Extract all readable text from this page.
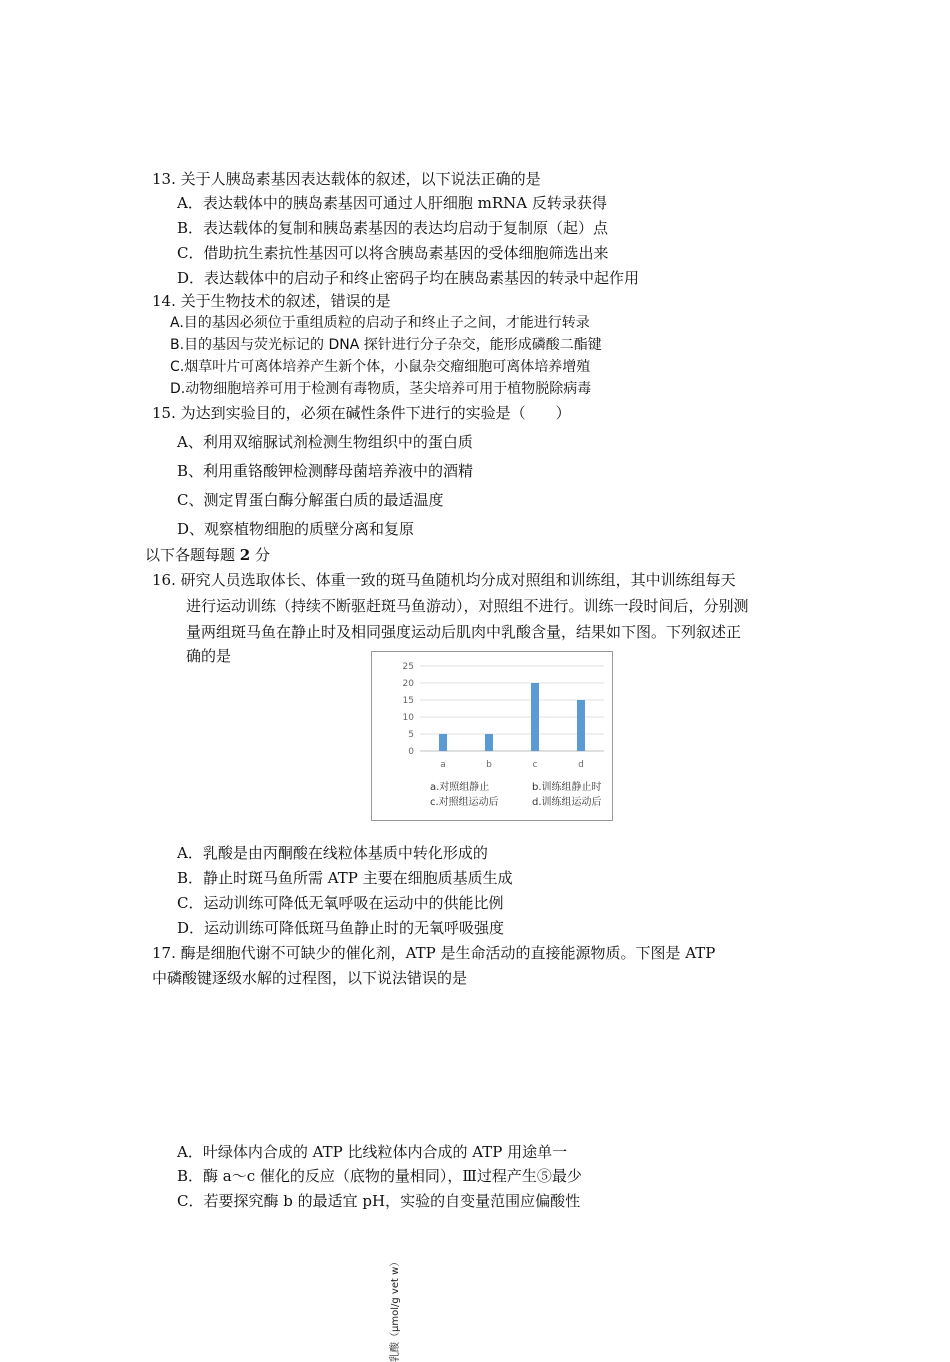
13. 关于人胰岛素基因表达载体的叙述，以下说法正确的是
A．表达载体中的胰岛素基因可通过人肝细胞 mRNA 反转录获得
B．表达载体的复制和胰岛素基因的表达均启动于复制原（起）点
C．借助抗生素抗性基因可以将含胰岛素基因的受体细胞筛选出来
D．表达载体中的启动子和终止密码子均在胰岛素基因的转录中起作用
14. 关于生物技术的叙述，错误的是
A.目的基因必须位于重组质粒的启动子和终止子之间，才能进行转录
B.目的基因与荧光标记的 DNA 探针进行分子杂交，能形成磷酸二酯键
C.烟草叶片可离体培养产生新个体，小鼠杂交瘤细胞可离体培养增殖
D.动物细胞培养可用于检测有毒物质，茎尖培养可用于植物脱除病毒
15. 为达到实验目的，必须在碱性条件下进行的实验是（　　）
A、利用双缩脲试剂检测生物组织中的蛋白质
B、利用重铬酸钾检测酵母菌培养液中的酒精
C、测定胃蛋白酶分解蛋白质的最适温度
D、观察植物细胞的质壁分离和复原
以下各题每题 2 分
16. 研究人员选取体长、体重一致的斑马鱼随机均分成对照组和训练组，其中训练组每天
进行运动训练（持续不断驱赶斑马鱼游动），对照组不进行。训练一段时间后，分别测
量两组斑马鱼在静止时及相同强度运动后肌肉中乳酸含量，结果如下图。下列叙述正
确的是
25
20
15
10
5
0
a	b	c	d
乳酸（μmol/g vet w）
a.对照组静止	b.训练组静止时
c.对照组运动后	d.训练组运动后
A．乳酸是由丙酮酸在线粒体基质中转化形成的
B．静止时斑马鱼所需 ATP 主要在细胞质基质生成
C．运动训练可降低无氧呼吸在运动中的供能比例
D．运动训练可降低斑马鱼静止时的无氧呼吸强度
17. 酶是细胞代谢不可缺少的催化剂，ATP 是生命活动的直接能源物质。下图是 ATP
中磷酸键逐级水解的过程图，以下说法错误的是
A．叶绿体内合成的 ATP 比线粒体内合成的 ATP 用途单一
B．酶 a～c 催化的反应（底物的量相同），Ⅲ过程产生⑤最少
C．若要探究酶 b 的最适宜 pH，实验的自变量范围应偏酸性
